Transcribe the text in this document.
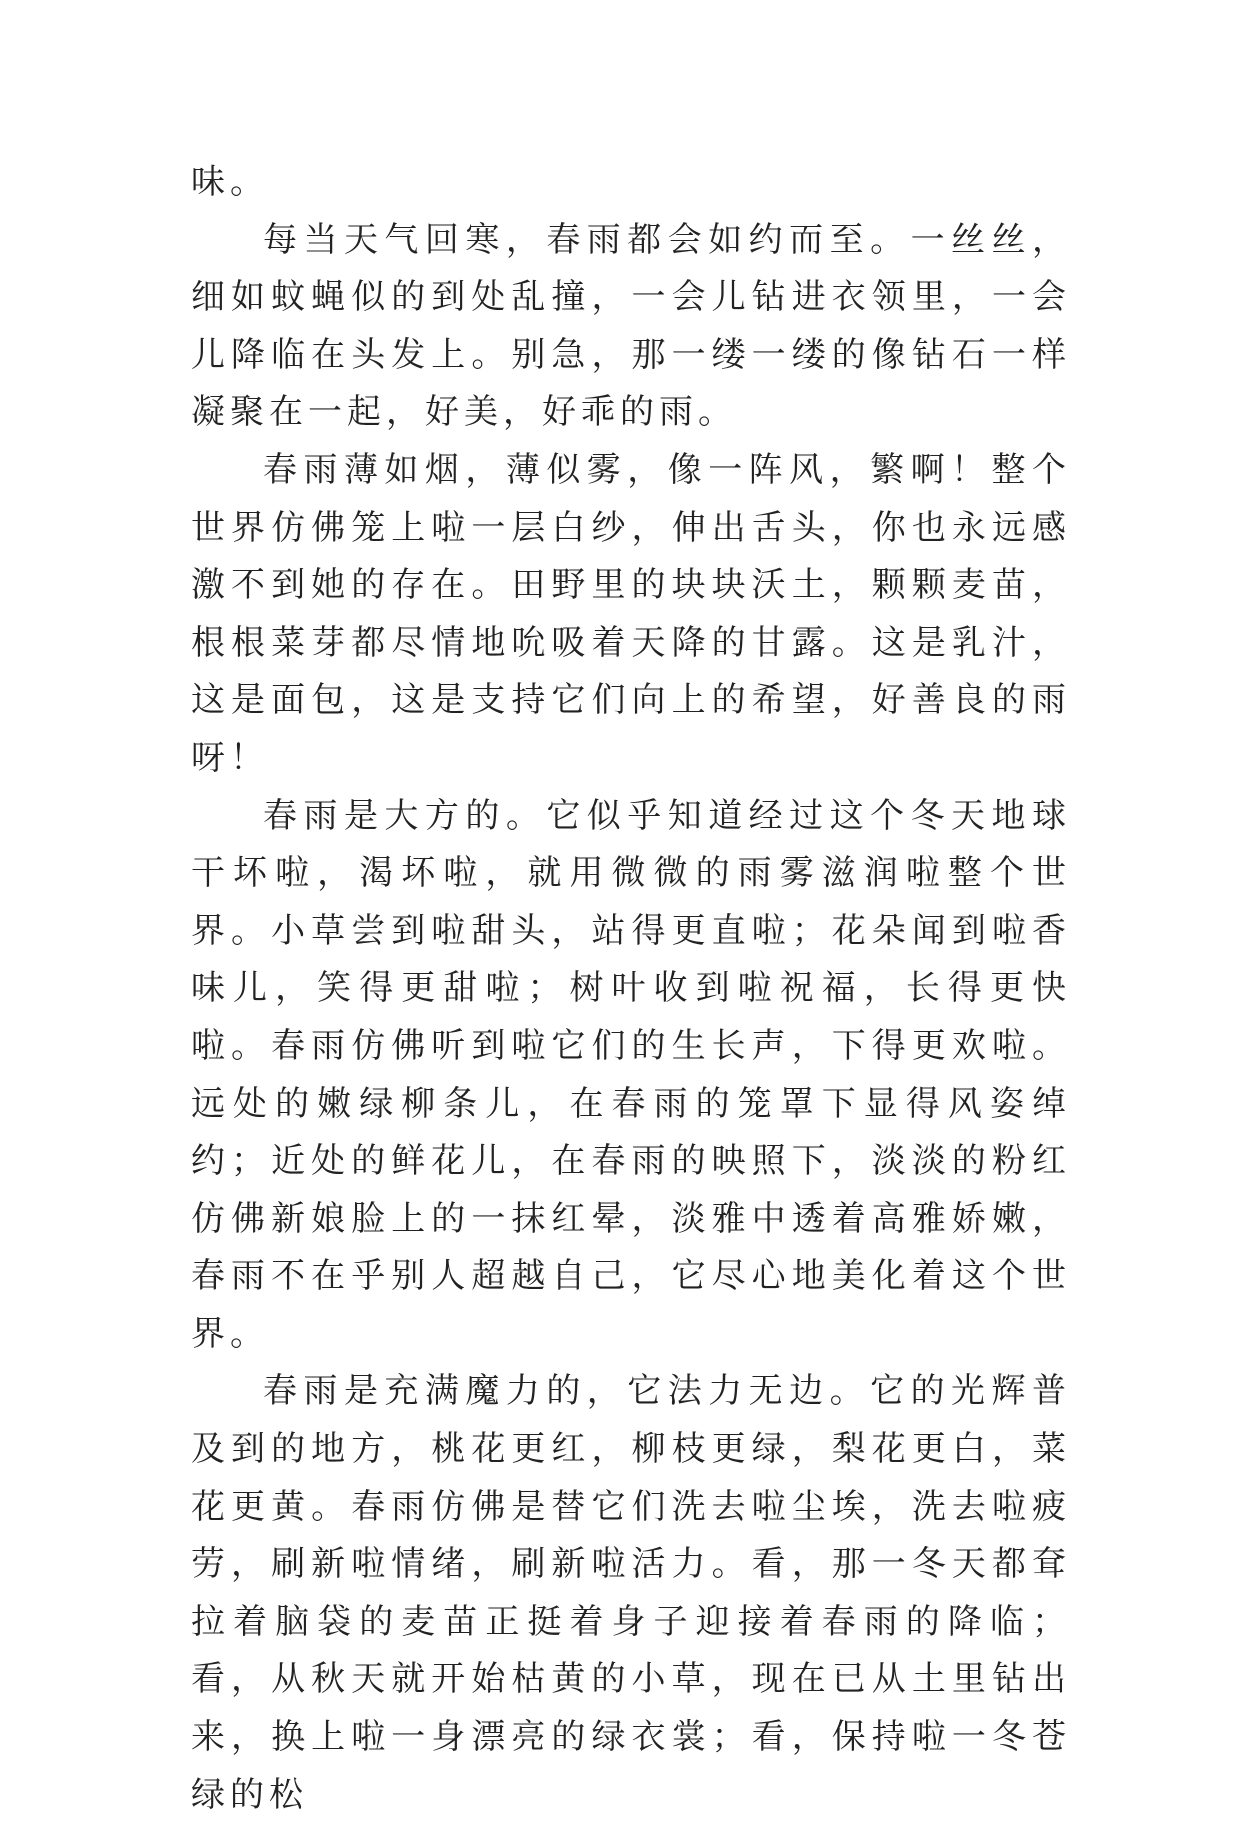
味。

每当天气回寒，春雨都会如约而至。一丝丝，细如蚊蝇似的到处乱撞，一会儿钻进衣领里，一会儿降临在头发上。别急，那一缕一缕的像钻石一样凝聚在一起，好美，好乖的雨。

春雨薄如烟，薄似雾，像一阵风，繁啊！整个世界仿佛笼上啦一层白纱，伸出舌头，你也永远感激不到她的存在。田野里的块块沃土，颗颗麦苗，根根菜芽都尽情地吮吸着天降的甘露。这是乳汁，这是面包，这是支持它们向上的希望，好善良的雨呀！

春雨是大方的。它似乎知道经过这个冬天地球干坏啦，渴坏啦，就用微微的雨雾滋润啦整个世界。小草尝到啦甜头，站得更直啦；花朵闻到啦香味儿，笑得更甜啦；树叶收到啦祝福，长得更快啦。春雨仿佛听到啦它们的生长声，下得更欢啦。远处的嫩绿柳条儿，在春雨的笼罩下显得风姿绰约；近处的鲜花儿，在春雨的映照下，淡淡的粉红仿佛新娘脸上的一抹红晕，淡雅中透着高雅娇嫩，春雨不在乎别人超越自己，它尽心地美化着这个世界。

春雨是充满魔力的，它法力无边。它的光辉普及到的地方，桃花更红，柳枝更绿，梨花更白，菜花更黄。春雨仿佛是替它们洗去啦尘埃，洗去啦疲劳，刷新啦情绪，刷新啦活力。看，那一冬天都耷拉着脑袋的麦苗正挺着身子迎接着春雨的降临；看，从秋天就开始枯黄的小草，现在已从土里钻出来，换上啦一身漂亮的绿衣裳；看，保持啦一冬苍绿的松
